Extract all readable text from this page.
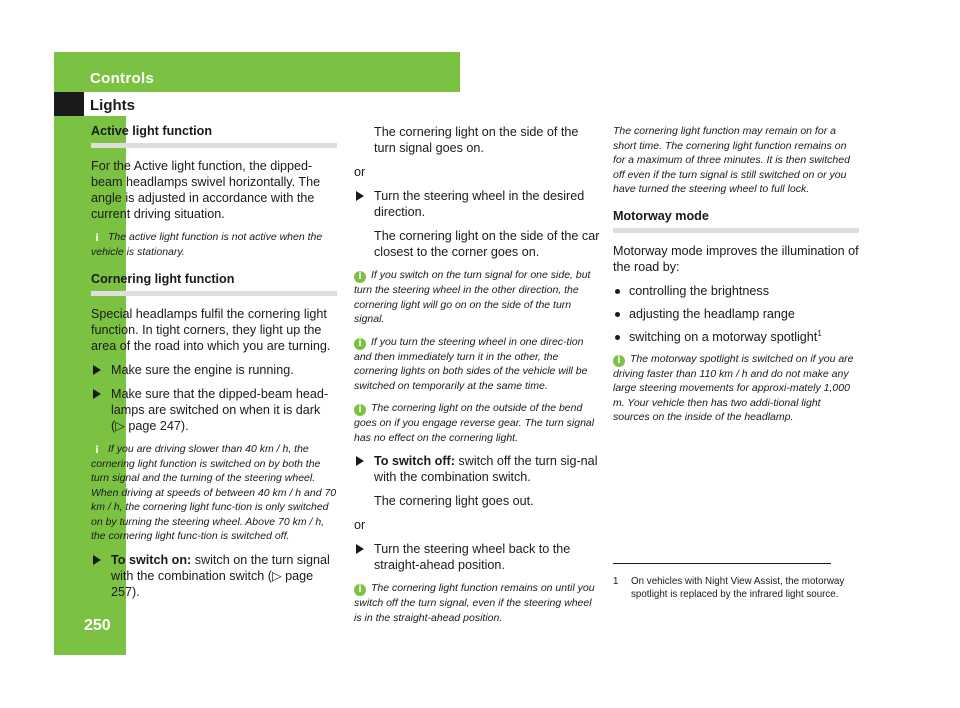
Controls
Lights
250
Active light function

For the Active light function, the dipped-beam headlamps swivel horizontally. The angle is adjusted in accordance with the current driving situation.

i The active light function is not active when the vehicle is stationary.

Cornering light function

Special headlamps fulfil the cornering light function. In tight corners, they light up the area of the road into which you are turning.

Make sure the engine is running.
Make sure that the dipped-beam head-lamps are switched on when it is dark (▷ page 247).

i If you are driving slower than 40 km / h, the cornering light function is switched on by both the turn signal and the turning of the steering wheel. When driving at speeds of between 40 km / h and 70 km / h, the cornering light func-tion is only switched on by turning the steering wheel. Above 70 km / h, the cornering light func-tion is switched off.

To switch on: switch on the turn signal with the combination switch (▷ page 257).

The cornering light on the side of the turn signal goes on.

or

Turn the steering wheel in the desired direction.

The cornering light on the side of the car closest to the corner goes on.

i If you switch on the turn signal for one side, but turn the steering wheel in the other direction, the cornering light will go on on the side of the turn signal.

i If you turn the steering wheel in one direc-tion and then immediately turn it in the other, the cornering lights on both sides of the vehicle will be switched on temporarily at the same time.

i The cornering light on the outside of the bend goes on if you engage reverse gear. The turn signal has no effect on the cornering light.

To switch off: switch off the turn sig-nal with the combination switch.

The cornering light goes out.

or

Turn the steering wheel back to the straight-ahead position.

i The cornering light function remains on until you switch off the turn signal, even if the steering wheel is in the straight-ahead position.

The cornering light function may remain on for a short time. The cornering light function remains on for a maximum of three minutes. It is then switched off even if the turn signal is still switched on or you have turned the steering wheel to full lock.

Motorway mode

Motorway mode improves the illumination of the road by:

controlling the brightness
adjusting the headlamp range
switching on a motorway spotlight$^1$

i The motorway spotlight is switched on if you are driving faster than 110 km / h and do not make any large steering movements for approxi-mately 1,000 m. Your vehicle then has two addi-tional light sources on the inside of the headlamp.

1	On vehicles with Night View Assist, the motorway spotlight is replaced by the infrared light source.
